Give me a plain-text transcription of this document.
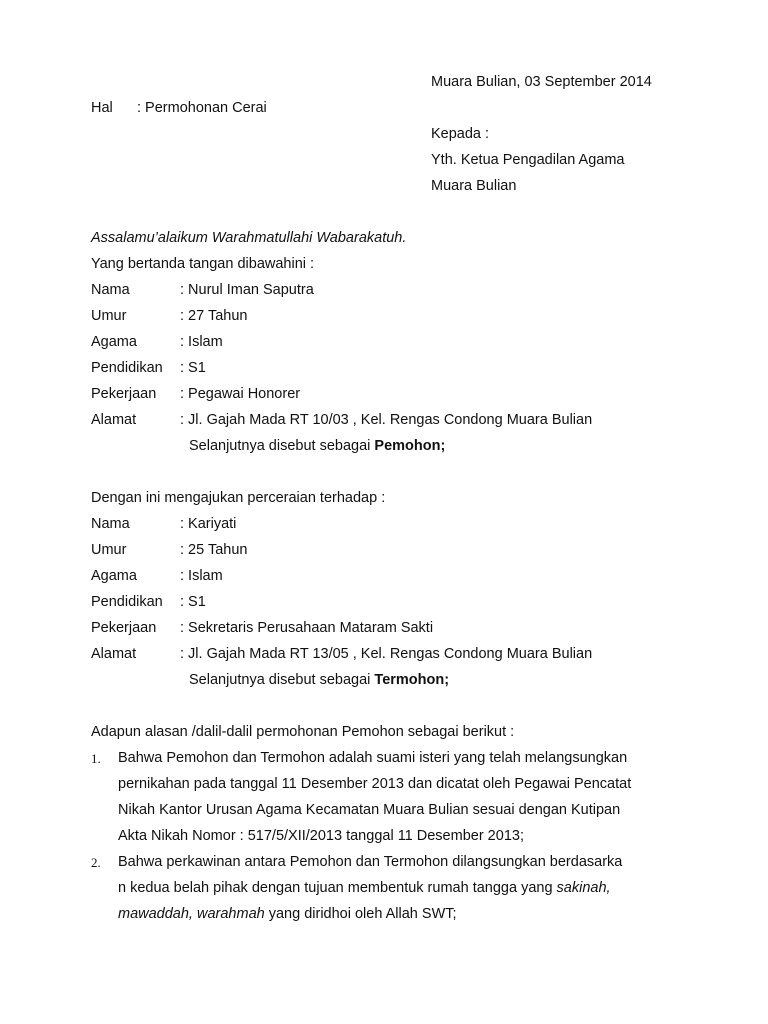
Muara Bulian, 03 September 2014
Hal : Permohonan Cerai
Kepada :
Yth. Ketua Pengadilan Agama
Muara Bulian
Assalamu’alaikum Warahmatullahi Wabarakatuh.
Yang bertanda tangan dibawahini :
Nama	: Nurul Iman Saputra
Umur	: 27 Tahun
Agama	: Islam
Pendidikan : S1
Pekerjaan : Pegawai Honorer
Alamat	: Jl. Gajah Mada RT 10/03 , Kel. Rengas Condong Muara Bulian
Selanjutnya disebut sebagai Pemohon;
Dengan ini mengajukan perceraian terhadap :
Nama	: Kariyati
Umur	: 25 Tahun
Agama	: Islam
Pendidikan : S1
Pekerjaan : Sekretaris Perusahaan Mataram Sakti
Alamat	: Jl. Gajah Mada RT 13/05 , Kel. Rengas Condong Muara Bulian
Selanjutnya disebut sebagai Termohon;
Adapun alasan /dalil-dalil permohonan Pemohon sebagai berikut :
1. Bahwa Pemohon dan Termohon adalah suami isteri yang telah melangsungkan
pernikahan pada tanggal 11 Desember 2013 dan dicatat oleh Pegawai Pencatat
Nikah Kantor Urusan Agama Kecamatan Muara Bulian sesuai dengan Kutipan
Akta Nikah Nomor : 517/5/XII/2013 tanggal 11 Desember 2013;
2. Bahwa perkawinan antara Pemohon dan Termohon dilangsungkan berdasarka
n kedua belah pihak dengan tujuan membentuk rumah tangga yang sakinah,
mawaddah, warahmah yang diridhoi oleh Allah SWT;
